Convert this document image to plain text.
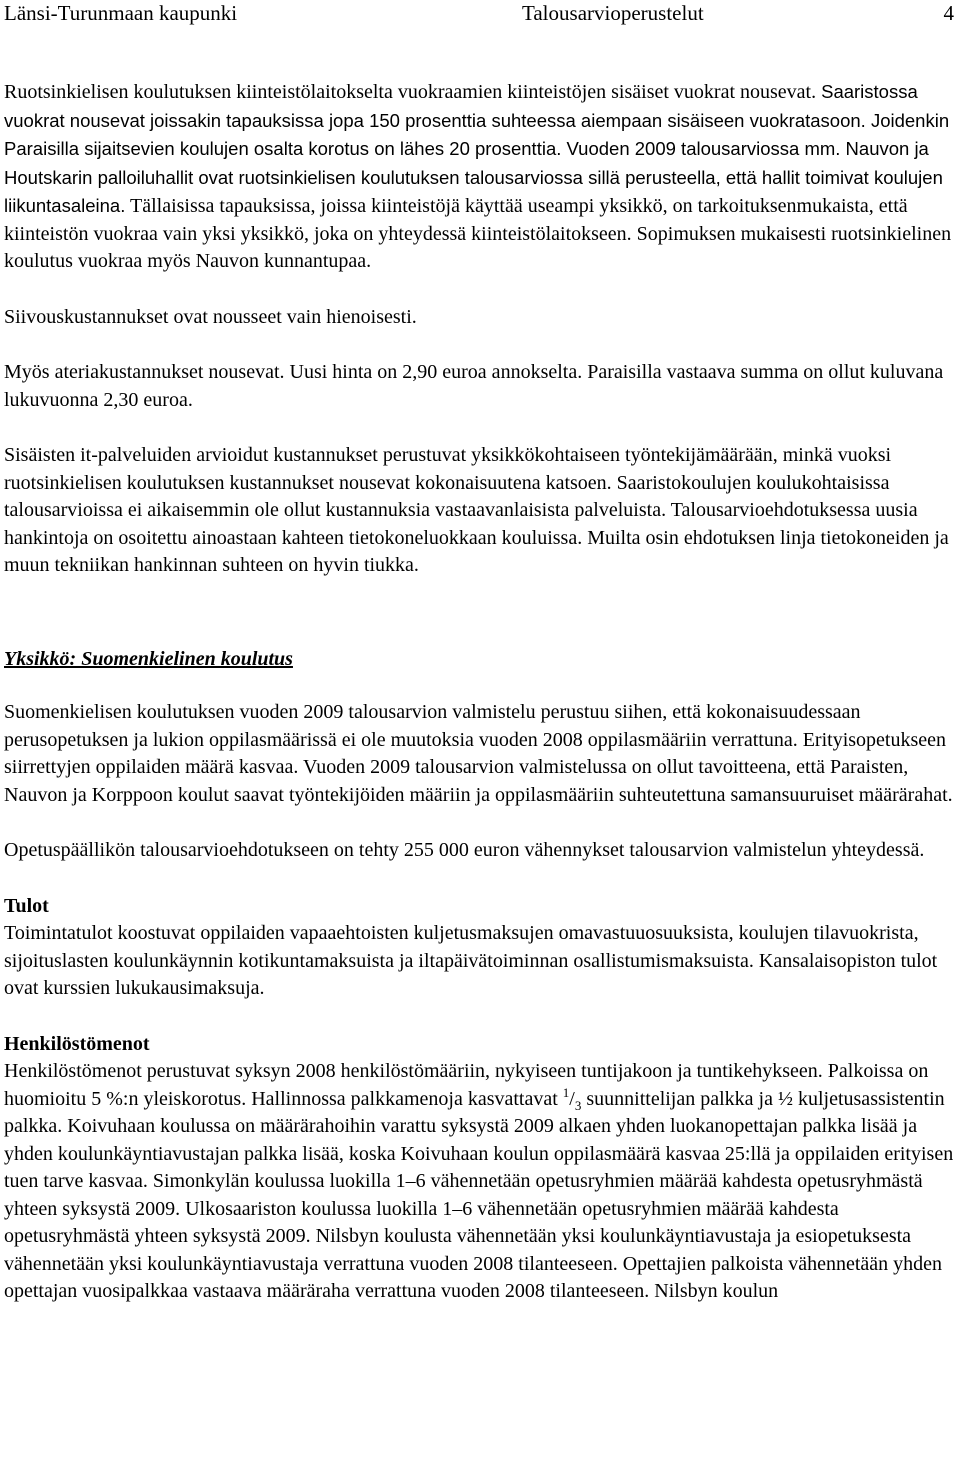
Länsi-Turunmaan kaupunki	Talousarvioperustelut	4

Ruotsinkielisen koulutuksen kiinteistölaitokselta vuokraamien kiinteistöjen sisäiset vuokrat nousevat. Saaristossa vuokrat nousevat joissakin tapauksissa jopa 150 prosenttia suhteessa aiempaan sisäiseen vuokratasoon. Joidenkin Paraisilla sijaitsevien koulujen osalta korotus on lähes 20 prosenttia. Vuoden 2009 talousarviossa mm. Nauvon ja Houtskarin palloiluhallit ovat ruotsinkielisen koulutuksen talousarviossa sillä perusteella, että hallit toimivat koulujen liikuntasaleina. Tällaisissa tapauksissa, joissa kiinteistöjä käyttää useampi yksikkö, on tarkoituksenmukaista, että kiinteistön vuokraa vain yksi yksikkö, joka on yhteydessä kiinteistölaitokseen. Sopimuksen mukaisesti ruotsinkielinen koulutus vuokraa myös Nauvon kunnantupaa.

Siivouskustannukset ovat nousseet vain hienoisesti.

Myös ateriakustannukset nousevat. Uusi hinta on 2,90 euroa annokselta. Paraisilla vastaava summa on ollut kuluvana lukuvuonna 2,30 euroa.

Sisäisten it-palveluiden arvioidut kustannukset perustuvat yksikkökohtaiseen työntekijämäärään, minkä vuoksi ruotsinkielisen koulutuksen kustannukset nousevat kokonaisuutena katsoen. Saaristokoulujen koulukohtaisissa talousarvioissa ei aikaisemmin ole ollut kustannuksia vastaavanlaisista palveluista. Talousarvioehdotuksessa uusia hankintoja on osoitettu ainoastaan kahteen tietokoneluokkaan kouluissa. Muilta osin ehdotuksen linja tietokoneiden ja muun tekniikan hankinnan suhteen on hyvin tiukka.

Yksikkö: Suomenkielinen koulutus

Suomenkielisen koulutuksen vuoden 2009 talousarvion valmistelu perustuu siihen, että kokonaisuudessaan perusopetuksen ja lukion oppilasmäärissä ei ole muutoksia vuoden 2008 oppilasmääriin verrattuna. Erityisopetukseen siirrettyjen oppilaiden määrä kasvaa. Vuoden 2009 talousarvion valmistelussa on ollut tavoitteena, että Paraisten, Nauvon ja Korppoon koulut saavat työntekijöiden määriin ja oppilasmääriin suhteutettuna samansuuruiset määrärahat.

Opetuspäällikön talousarvioehdotukseen on tehty 255 000 euron vähennykset talousarvion valmistelun yhteydessä.

Tulot

Toimintatulot koostuvat oppilaiden vapaaehtoisten kuljetusmaksujen omavastuuosuuksista, koulujen tilavuokrista, sijoituslasten koulunkäynnin kotikuntamaksuista ja iltapäivätoiminnan osallistumismaksuista. Kansalaisopiston tulot ovat kurssien lukukausimaksuja.

Henkilöstömenot

Henkilöstömenot perustuvat syksyn 2008 henkilöstömääriin, nykyiseen tuntijakoon ja tuntikehykseen. Palkoissa on huomioitu 5 %:n yleiskorotus. Hallinnossa palkkamenoja kasvattavat $^1/_3$ suunnittelijan palkka ja ½ kuljetusassistentin palkka. Koivuhaan koulussa on määrärahoihin varattu syksystä 2009 alkaen yhden luokanopettajan palkka lisää ja yhden koulunkäyntiavustajan palkka lisää, koska Koivuhaan koulun oppilasmäärä kasvaa 25:llä ja oppilaiden erityisen tuen tarve kasvaa. Simonkylän koulussa luokilla 1–6 vähennetään opetusryhmien määrää kahdesta opetusryhmästä yhteen syksystä 2009. Ulkosaariston koulussa luokilla 1–6 vähennetään opetusryhmien määrää kahdesta opetusryhmästä yhteen syksystä 2009. Nilsbyn koulusta vähennetään yksi koulunkäyntiavustaja ja esiopetuksesta vähennetään yksi koulunkäyntiavustaja verrattuna vuoden 2008 tilanteeseen. Opettajien palkoista vähennetään yhden opettajan vuosipalkkaa vastaava määräraha verrattuna vuoden 2008 tilanteeseen. Nilsbyn koulun
